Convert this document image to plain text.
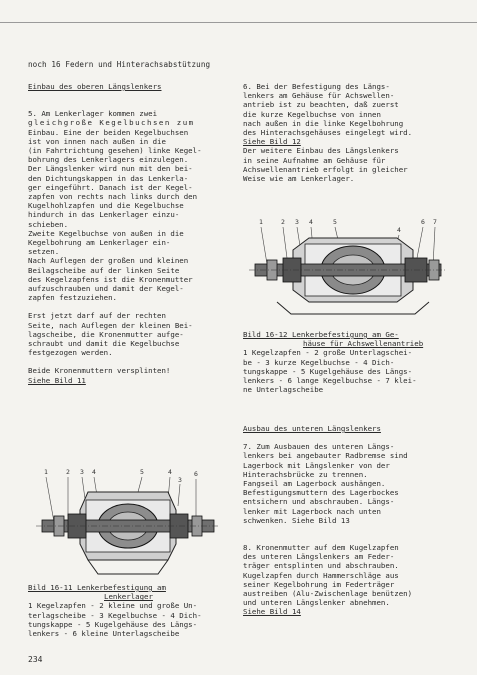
noch 16 Federn und Hinterachsabstützung

Einbau des oberen Längslenkers

5. Am Lenkerlager kommen zwei

gleichgroße Kegelbuchsen zum

Einbau. Eine der beiden Kegelbuchsen

ist von innen nach außen in die

(in Fahrtrichtung gesehen) linke Kegel-

bohrung des Lenkerlagers einzulegen.

Der Längslenker wird nun mit den bei-

den Dichtungskappen in das Lenkerla-

ger eingeführt. Danach ist der Kegel-

zapfen von rechts nach links durch den

Kugelhohlzapfen und die Kegelbuchse

hindurch in das Lenkerlager einzu-

schieben.

Zweite Kegelbuchse von außen in die

Kegelbohrung am Lenkerlager ein-

setzen.

Nach Auflegen der großen und kleinen

Beilagscheibe auf der linken Seite

des Kegelzapfens ist die Kronenmutter

aufzuschrauben und damit der Kegel-

zapfen festzuziehen.

Erst jetzt darf auf der rechten

Seite, nach Auflegen der kleinen Bei-

lagscheibe, die Kronenmutter aufge-

schraubt und damit die Kegelbuchse

festgezogen werden.

Beide Kronenmuttern versplinten!

Siehe Bild 11

1	2 3 4	5	4
3
6

Bild 16-11 Lenkerbefestigung am

Lenkerlager

1 Kegelzapfen - 2 kleine und große Un-

terlagscheibe - 3 Kegelbuchse - 4 Dich-

tungskappe - 5 Kugelgehäuse des Längs-

lenkers - 6 kleine Unterlagscheibe

234

6. Bei der Befestigung des Längs-

lenkers am Gehäuse für Achswellen-

antrieb ist zu beachten, daß zuerst

die kurze Kegelbuchse von innen

nach außen in die linke Kegelbohrung

des Hinterachsgehäuses eingelegt wird.

Siehe Bild 12

Der weitere Einbau des Längslenkers

in seine Aufnahme am Gehäuse für

Achswellenantrieb erfolgt in gleicher

Weise wie am Lenkerlager.

1	2 3 4	5
4
6 7

Bild 16-12 Lenkerbefestigung am Ge-

häuse für Achswellenantrieb

1 Kegelzapfen - 2 große Unterlagschei-

be - 3 kurze Kegelbuchse - 4 Dich-

tungskappe - 5 Kugelgehäuse des Längs-

lenkers - 6 lange Kegelbuchse - 7 klei-

ne Unterlagscheibe

Ausbau des unteren Längslenkers

7. Zum Ausbauen des unteren Längs-

lenkers bei angebauter Radbremse sind

Lagerbock mit Längslenker von der

Hinterachsbrücke zu trennen.

Fangseil am Lagerbock aushängen.

Befestigungsmuttern des Lagerbockes

entsichern und abschrauben. Längs-

lenker mit Lagerbock nach unten

schwenken. Siehe Bild 13

8. Kronenmutter auf dem Kugelzapfen

des unteren Längslenkers am Feder-

träger entsplinten und abschrauben.

Kugelzapfen durch Hammerschläge aus

seiner Kegelbohrung im Federträger

austreiben (Alu-Zwischenlage benützen)

und unteren Längslenker abnehmen.

Siehe Bild 14
